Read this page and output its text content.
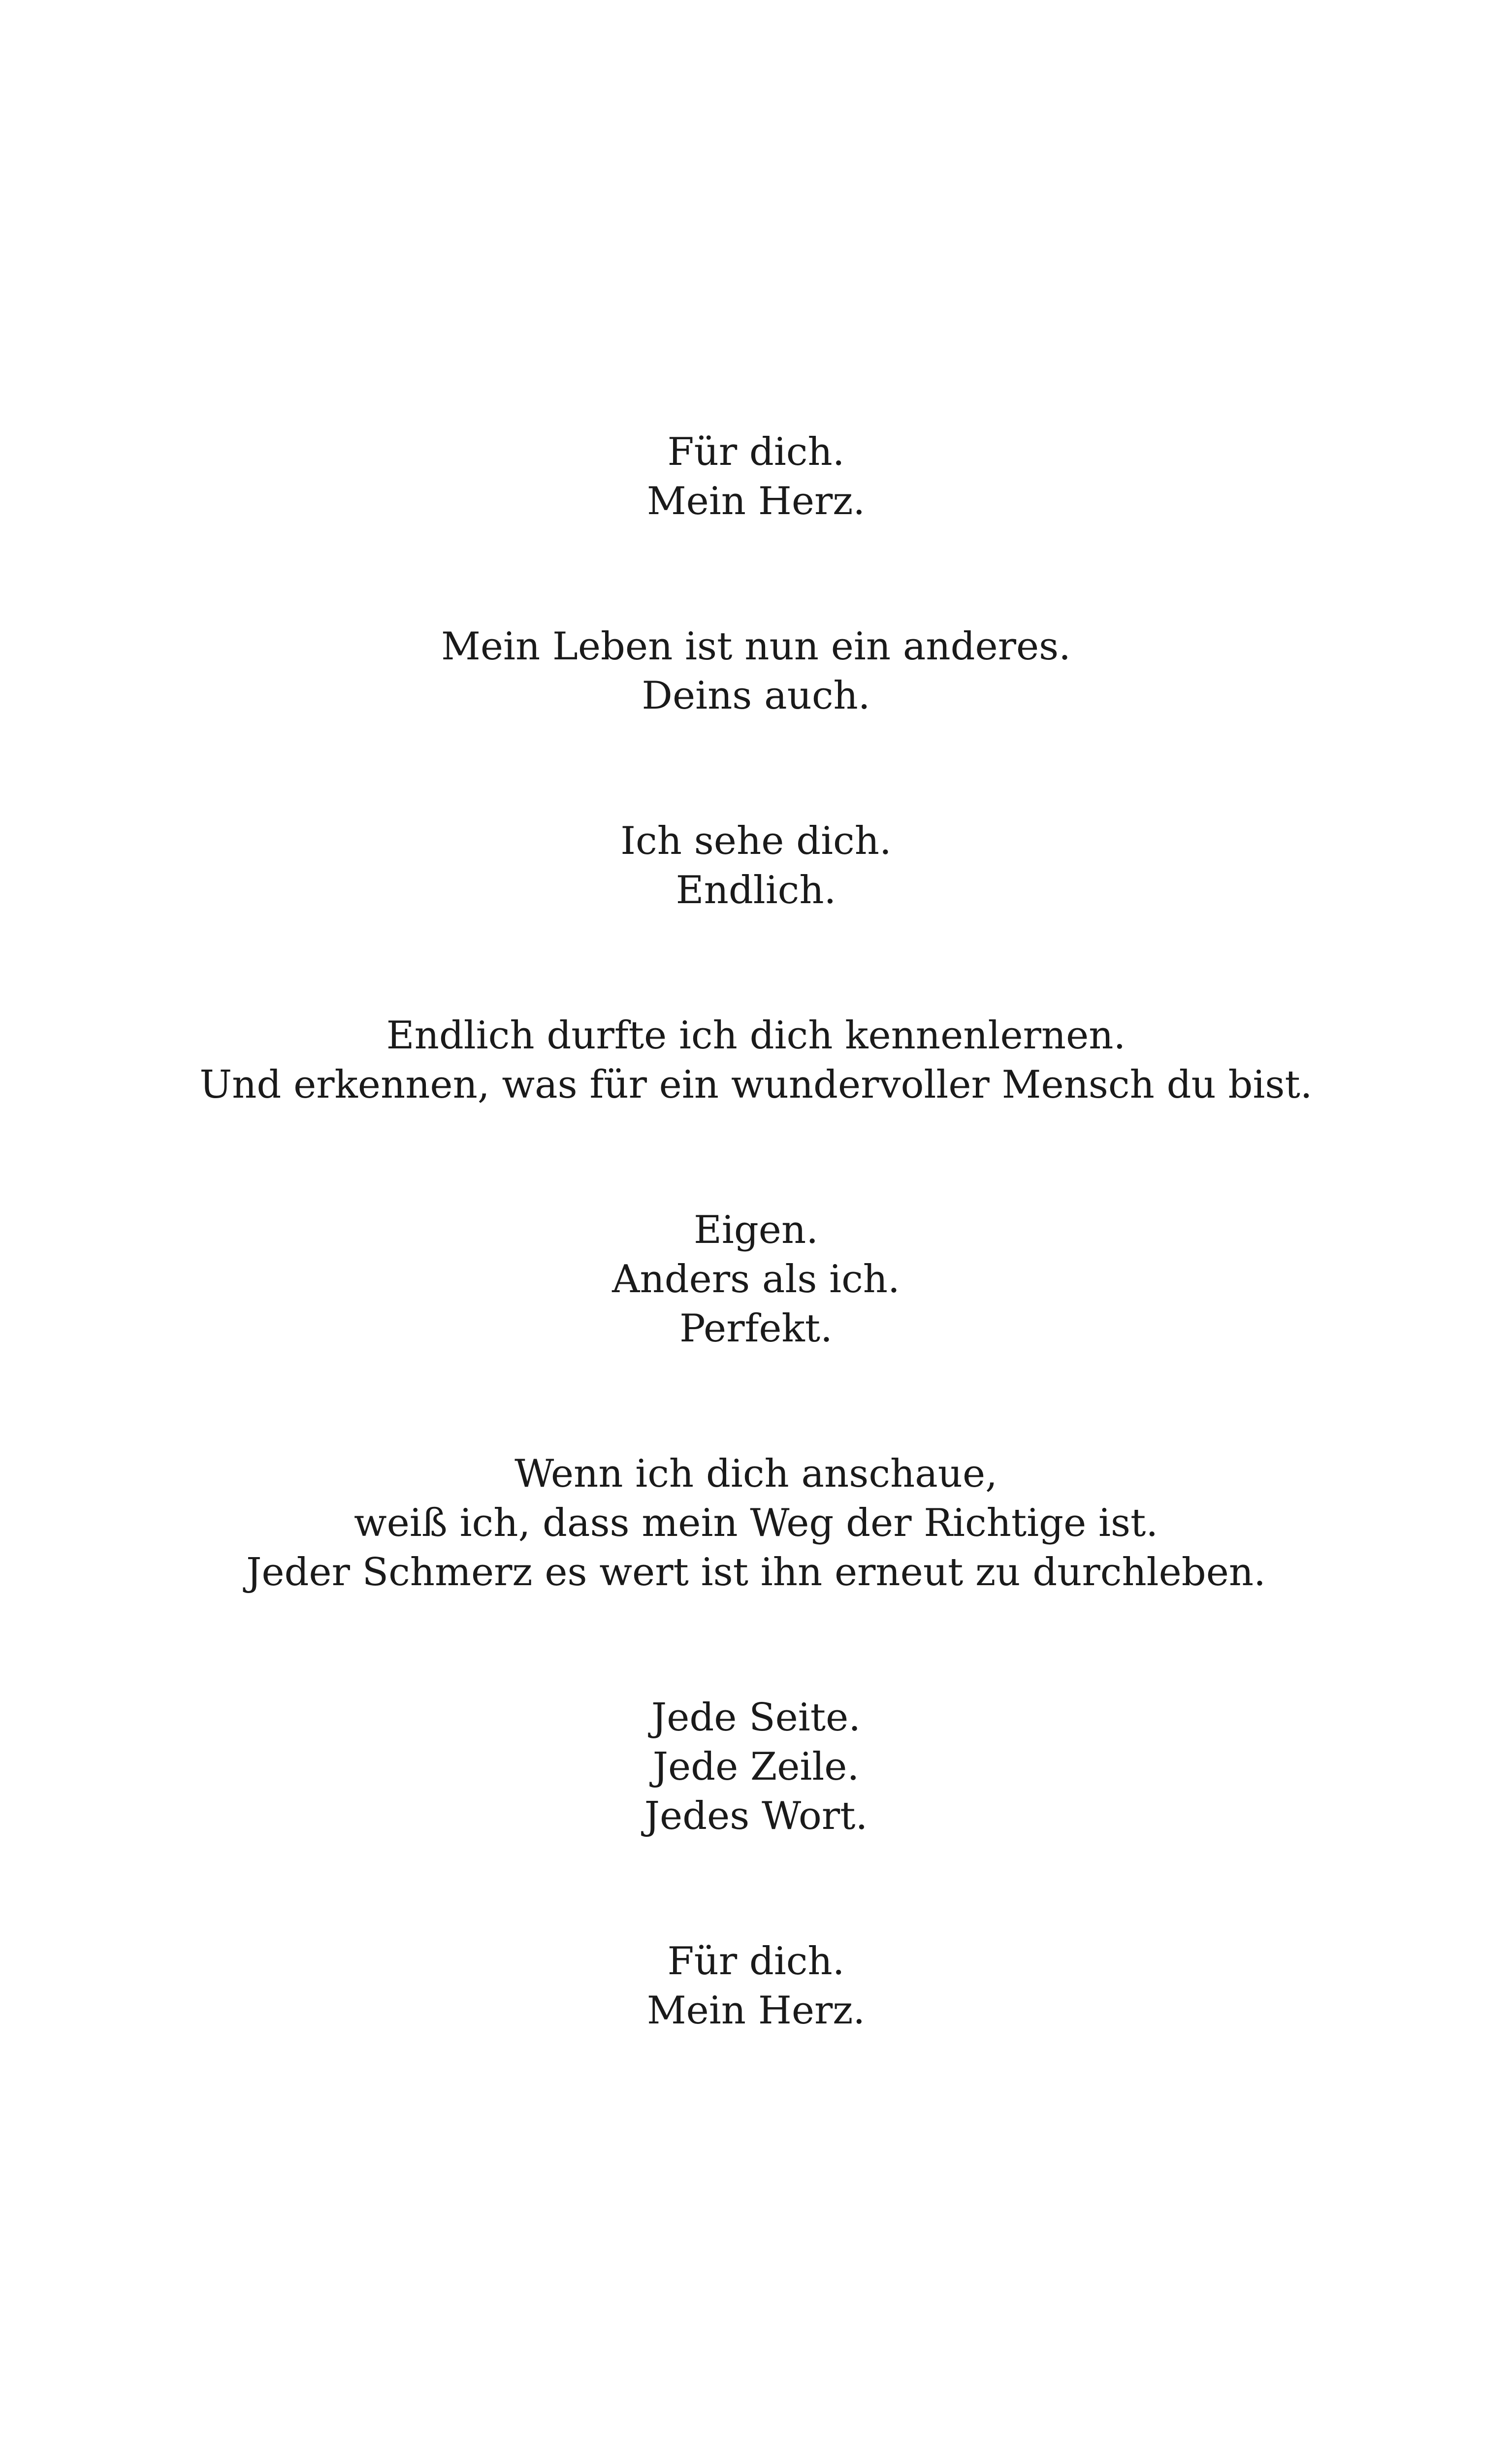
Für dich.
Mein Herz.
Mein Leben ist nun ein anderes.
Deins auch.
Ich sehe dich.
Endlich.
Endlich durfte ich dich kennenlernen.
Und erkennen, was für ein wundervoller Mensch du bist.
Eigen.
Anders als ich.
Perfekt.
Wenn ich dich anschaue,
weiß ich, dass mein Weg der Richtige ist.
Jeder Schmerz es wert ist ihn erneut zu durchleben.
Jede Seite.
Jede Zeile.
Jedes Wort.
Für dich.
Mein Herz.
